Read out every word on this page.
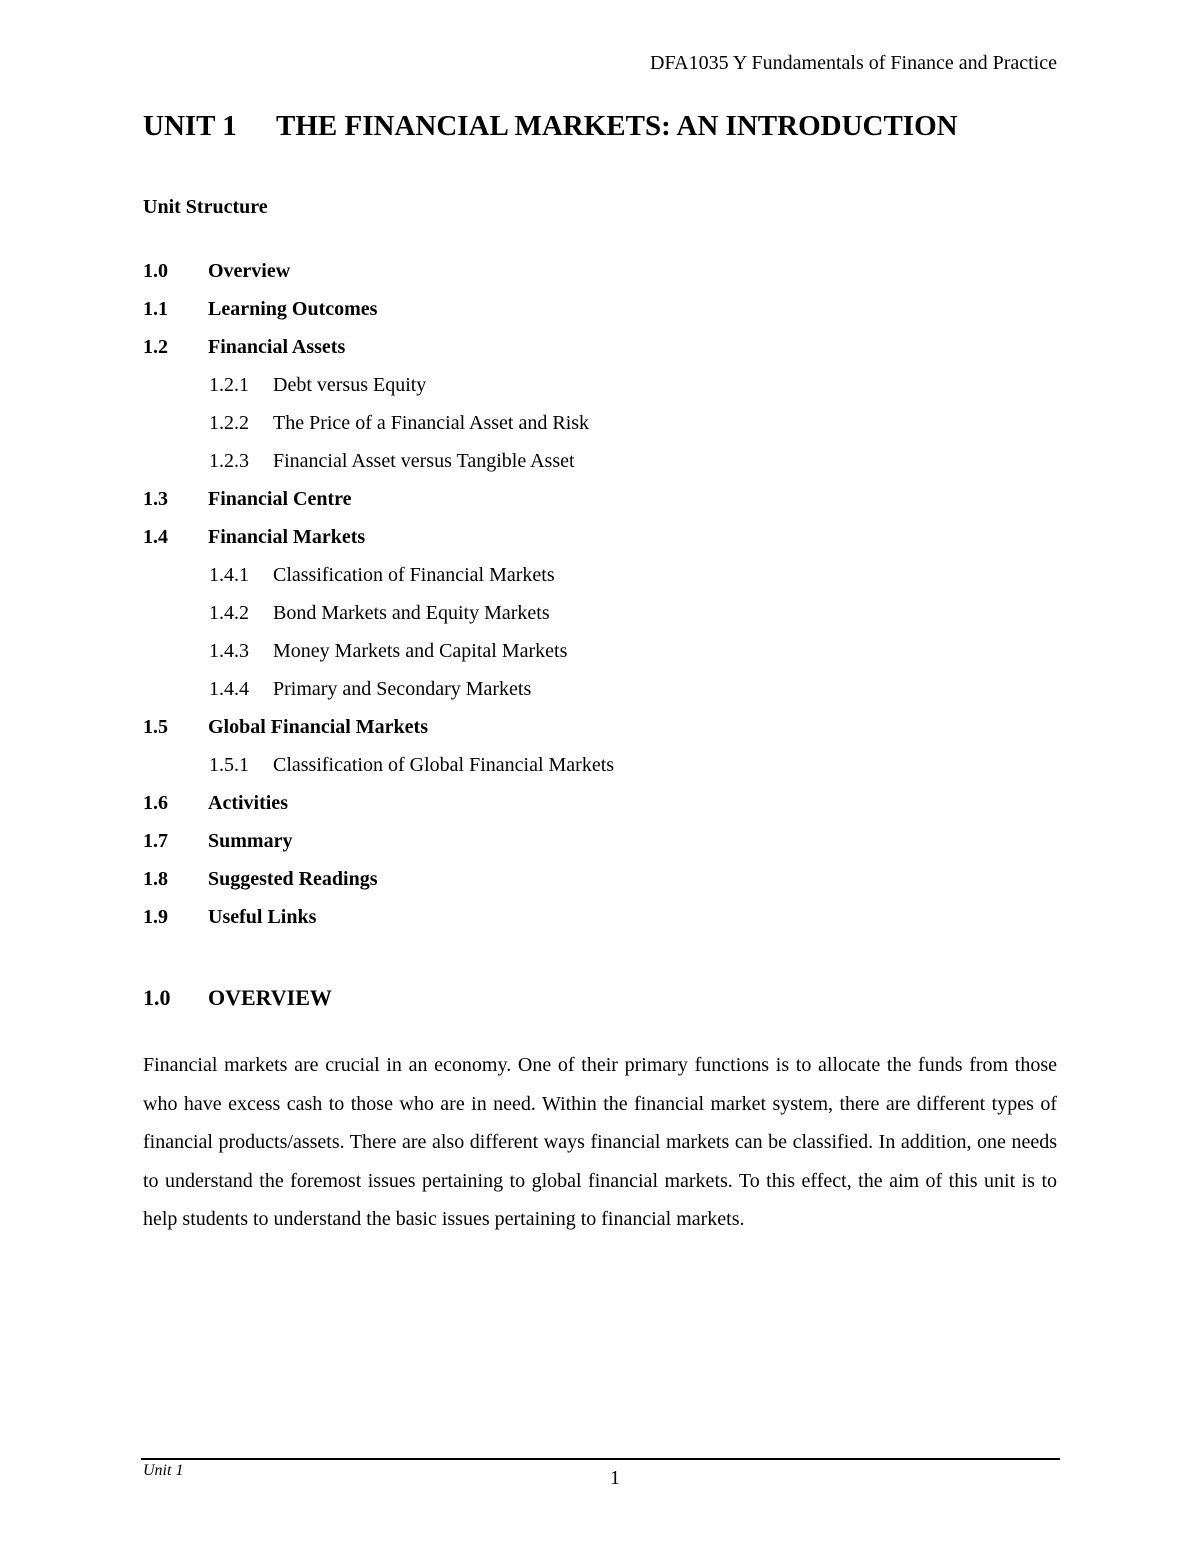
DFA1035 Y Fundamentals of Finance and Practice
UNIT 1 THE FINANCIAL MARKETS: AN INTRODUCTION
Unit Structure
1.0 Overview
1.1 Learning Outcomes
1.2 Financial Assets
1.2.1 Debt versus Equity
1.2.2 The Price of a Financial Asset and Risk
1.2.3 Financial Asset versus Tangible Asset
1.3 Financial Centre
1.4 Financial Markets
1.4.1 Classification of Financial Markets
1.4.2 Bond Markets and Equity Markets
1.4.3 Money Markets and Capital Markets
1.4.4 Primary and Secondary Markets
1.5 Global Financial Markets
1.5.1 Classification of Global Financial Markets
1.6 Activities
1.7 Summary
1.8 Suggested Readings
1.9 Useful Links
1.0 OVERVIEW

Financial markets are crucial in an economy. One of their primary functions is to allocate the funds from those who have excess cash to those who are in need. Within the financial market system, there are different types of financial products/assets. There are also different ways financial markets can be classified. In addition, one needs to understand the foremost issues pertaining to global financial markets. To this effect, the aim of this unit is to help students to understand the basic issues pertaining to financial markets.

Unit 1	1
